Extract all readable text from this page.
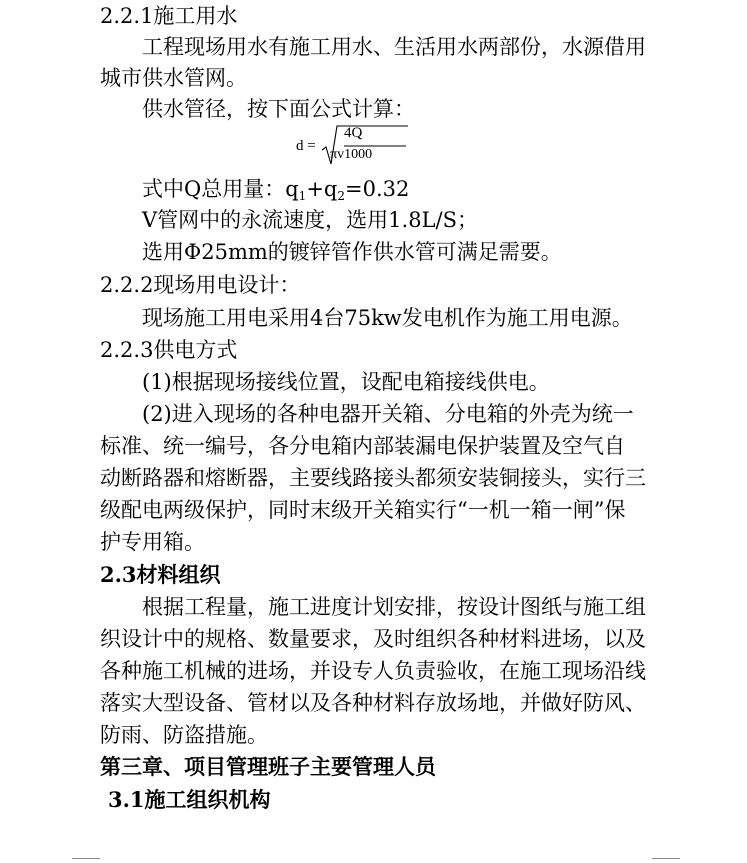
2.2.1施工用水
工程现场用水有施工用水、生活用水两部份，水源借用
城市供水管网。
供水管径，按下面公式计算：
d =
4Q
πv1000
式中Q总用量：$q_1+q_2=0.32$
V管网中的永流速度，选用1.8L/S；
选用Φ25mm的镀锌管作供水管可满足需要。
2.2.2现场用电设计：
现场施工用电采用4台75kw发电机作为施工用电源。
2.2.3供电方式
(1)根据现场接线位置，设配电箱接线供电。
(2)进入现场的各种电器开关箱、分电箱的外壳为统一
标准、统一编号，各分电箱内部装漏电保护装置及空气自
动断路器和熔断器，主要线路接头都须安装铜接头，实行三
级配电两级保护，同时末级开关箱实行“一机一箱一闸”保
护专用箱。
2.3材料组织
根据工程量，施工进度计划安排，按设计图纸与施工组
织设计中的规格、数量要求，及时组织各种材料进场，以及
各种施工机械的进场，并设专人负责验收，在施工现场沿线
落实大型设备、管材以及各种材料存放场地，并做好防风、
防雨、防盗措施。
第三章、项目管理班子主要管理人员
3.1施工组织机构
